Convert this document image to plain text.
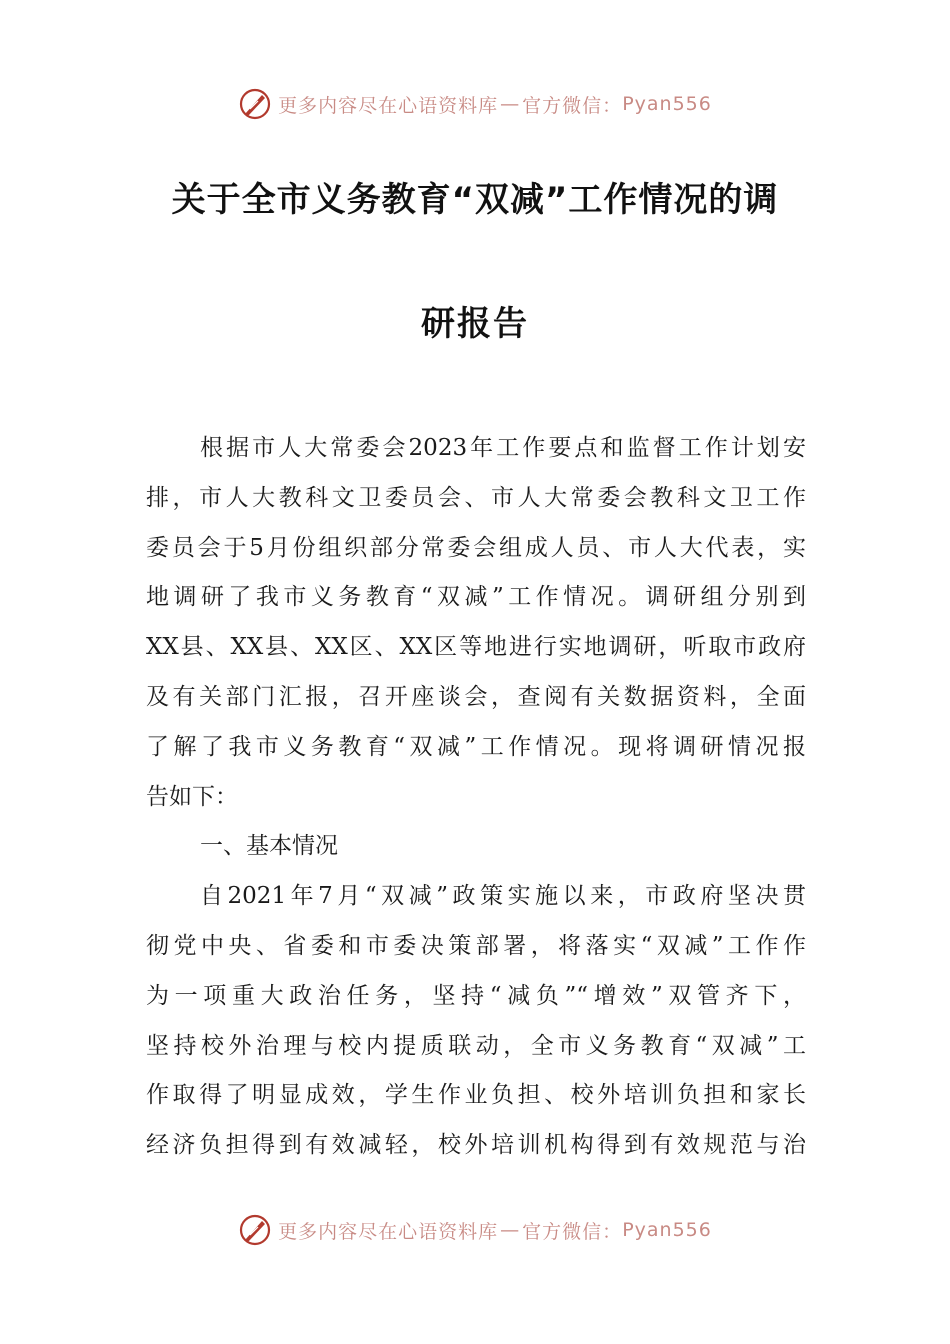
更多内容尽在心语资料库 — 官方微信： Pyan556
关于全市义务教育“双减”工作情况的调
研报告
根据市人大常委会2023年工作要点和监督工作计划安
排，市人大教科文卫委员会、市人大常委会教科文卫工作
委员会于5月份组织部分常委会组成人员、市人大代表，实
地调研了我市义务教育“双减”工作情况。调研组分别到
XX县、XX县、XX区、XX区等地进行实地调研，听取市政府
及有关部门汇报，召开座谈会，查阅有关数据资料，全面
了解了我市义务教育“双减”工作情况。现将调研情况报
告如下：
一、基本情况
自2021年7月“双减”政策实施以来，市政府坚决贯
彻党中央、省委和市委决策部署，将落实“双减”工作作
为一项重大政治任务，坚持“减负”“增效”双管齐下，
坚持校外治理与校内提质联动，全市义务教育“双减”工
作取得了明显成效，学生作业负担、校外培训负担和家长
经济负担得到有效减轻，校外培训机构得到有效规范与治
更多内容尽在心语资料库 — 官方微信： Pyan556
